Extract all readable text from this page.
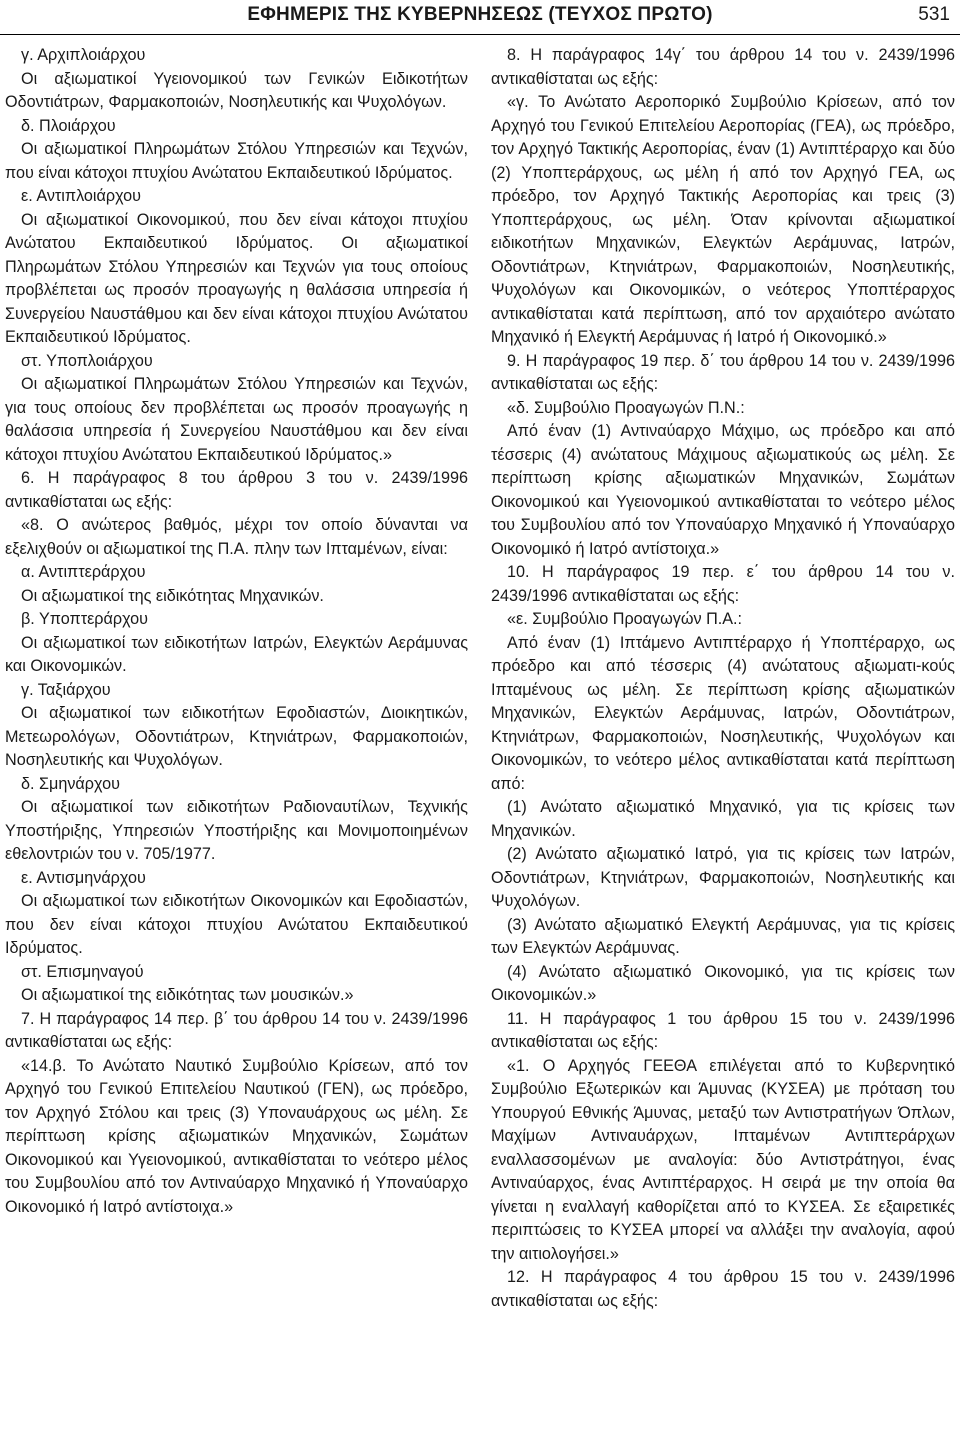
ΕΦΗΜΕΡΙΣ ΤΗΣ ΚΥΒΕΡΝΗΣΕΩΣ (ΤΕΥΧΟΣ ΠΡΩΤΟ)	531

γ. Αρχιπλοιάρχου

Οι αξιωματικοί Υγειονομικού των Γενικών Ειδικοτήτων Οδοντιάτρων, Φαρμακοποιών, Νοσηλευτικής και Ψυχολόγων.

δ. Πλοιάρχου

Οι αξιωματικοί Πληρωμάτων Στόλου Υπηρεσιών και Τεχνών, που είναι κάτοχοι πτυχίου Ανώτατου Εκπαιδευτικού Ιδρύματος.

ε. Αντιπλοιάρχου

Οι αξιωματικοί Οικονομικού, που δεν είναι κάτοχοι πτυχίου Ανώτατου Εκπαιδευτικού Ιδρύματος. Οι αξιωματικοί Πληρωμάτων Στόλου Υπηρεσιών και Τεχνών για τους οποίους προβλέπεται ως προσόν προαγωγής η θαλάσσια υπηρεσία ή Συνεργείου Ναυστάθμου και δεν είναι κάτοχοι πτυχίου Ανώτατου Εκπαιδευτικού Ιδρύματος.

στ. Υποπλοιάρχου

Οι αξιωματικοί Πληρωμάτων Στόλου Υπηρεσιών και Τεχνών, για τους οποίους δεν προβλέπεται ως προσόν προαγωγής η θαλάσσια υπηρεσία ή Συνεργείου Ναυστάθμου και δεν είναι κάτοχοι πτυχίου Ανώτατου Εκπαιδευτικού Ιδρύματος.»

6. Η παράγραφος 8 του άρθρου 3 του ν. 2439/1996 αντικαθίσταται ως εξής:

«8. Ο ανώτερος βαθμός, μέχρι τον οποίο δύνανται να εξελιχθούν οι αξιωματικοί της Π.Α. πλην των Ιπταμένων, είναι:

α. Αντιπτεράρχου

Οι αξιωματικοί της ειδικότητας Μηχανικών.

β. Υποπτεράρχου

Οι αξιωματικοί των ειδικοτήτων Ιατρών, Ελεγκτών Αεράμυνας και Οικονομικών.

γ. Ταξιάρχου

Οι αξιωματικοί των ειδικοτήτων Εφοδιαστών, Διοικητικών, Μετεωρολόγων, Οδοντιάτρων, Κτηνιάτρων, Φαρμακοποιών, Νοσηλευτικής και Ψυχολόγων.

δ. Σμηνάρχου

Οι αξιωματικοί των ειδικοτήτων Ραδιοναυτίλων, Τεχνικής Υποστήριξης, Υπηρεσιών Υποστήριξης και Μονιμοποιημένων εθελοντριών του ν. 705/1977.

ε. Αντισμηνάρχου

Οι αξιωματικοί των ειδικοτήτων Οικονομικών και Εφοδιαστών, που δεν είναι κάτοχοι πτυχίου Ανώτατου Εκπαιδευτικού Ιδρύματος.

στ. Επισμηναγού

Οι αξιωματικοί της ειδικότητας των μουσικών.»

7. Η παράγραφος 14 περ. β΄ του άρθρου 14 του ν. 2439/1996 αντικαθίσταται ως εξής:

«14.β. Το Ανώτατο Ναυτικό Συμβούλιο Κρίσεων, από τον Αρχηγό του Γενικού Επιτελείου Ναυτικού (ΓΕΝ), ως πρόεδρο, τον Αρχηγό Στόλου και τρεις (3) Υποναυάρχους ως μέλη. Σε περίπτωση κρίσης αξιωματικών Μηχανικών, Σωμάτων Οικονομικού και Υγειονομικού, αντικαθίσταται το νεότερο μέλος του Συμβουλίου από τον Αντιναύαρχο Μηχανικό ή Υποναύαρχο Οικονομικό ή Ιατρό αντίστοιχα.»

8. Η παράγραφος 14γ΄ του άρθρου 14 του ν. 2439/1996 αντικαθίσταται ως εξής:

«γ. Το Ανώτατο Αεροπορικό Συμβούλιο Κρίσεων, από τον Αρχηγό του Γενικού Επιτελείου Αεροπορίας (ΓΕΑ), ως πρόεδρο, τον Αρχηγό Τακτικής Αεροπορίας, έναν (1) Αντιπτέραρχο και δύο (2) Υποπτεράρχους, ως μέλη ή από τον Αρχηγό ΓΕΑ, ως πρόεδρο, τον Αρχηγό Τακτικής Αεροπορίας και τρεις (3) Υποπτεράρχους, ως μέλη. Όταν κρίνονται αξιωματικοί ειδικοτήτων Μηχανικών, Ελεγκτών Αεράμυνας, Ιατρών, Οδοντιάτρων, Κτηνιάτρων, Φαρμακοποιών, Νοσηλευτικής, Ψυχολόγων και Οικονομικών, ο νεότερος Υποπτέραρχος αντικαθίσταται κατά περίπτωση, από τον αρχαιότερο ανώτατο Μηχανικό ή Ελεγκτή Αεράμυνας ή Ιατρό ή Οικονομικό.»

9. Η παράγραφος 19 περ. δ΄ του άρθρου 14 του ν. 2439/1996 αντικαθίσταται ως εξής:

«δ. Συμβούλιο Προαγωγών Π.Ν.:

Από έναν (1) Αντιναύαρχο Μάχιμο, ως πρόεδρο και από τέσσερις (4) ανώτατους Μάχιμους αξιωματικούς ως μέλη. Σε περίπτωση κρίσης αξιωματικών Μηχανικών, Σωμάτων Οικονομικού και Υγειονομικού αντικαθίσταται το νεότερο μέλος του Συμβουλίου από τον Υποναύαρχο Μηχανικό ή Υποναύαρχο Οικονομικό ή Ιατρό αντίστοιχα.»

10. Η παράγραφος 19 περ. ε΄ του άρθρου 14 του ν. 2439/1996 αντικαθίσταται ως εξής:

«ε. Συμβούλιο Προαγωγών Π.Α.:

Από έναν (1) Ιπτάμενο Αντιπτέραρχο ή Υποπτέραρχο, ως πρόεδρο και από τέσσερις (4) ανώτατους αξιωματι-κούς Ιπταμένους ως μέλη. Σε περίπτωση κρίσης αξιωματικών Μηχανικών, Ελεγκτών Αεράμυνας, Ιατρών, Οδοντιάτρων, Κτηνιάτρων, Φαρμακοποιών, Νοσηλευτικής, Ψυχολόγων και Οικονομικών, το νεότερο μέλος αντικαθίσταται κατά περίπτωση από:

(1) Ανώτατο αξιωματικό Μηχανικό, για τις κρίσεις των Μηχανικών.

(2) Ανώτατο αξιωματικό Ιατρό, για τις κρίσεις των Ιατρών, Οδοντιάτρων, Κτηνιάτρων, Φαρμακοποιών, Νοσηλευτικής και Ψυχολόγων.

(3) Ανώτατο αξιωματικό Ελεγκτή Αεράμυνας, για τις κρίσεις των Ελεγκτών Αεράμυνας.

(4) Ανώτατο αξιωματικό Οικονομικό, για τις κρίσεις των Οικονομικών.»

11. Η παράγραφος 1 του άρθρου 15 του ν. 2439/1996 αντικαθίσταται ως εξής:

«1. Ο Αρχηγός ΓΕΕΘΑ επιλέγεται από το Κυβερνητικό Συμβούλιο Εξωτερικών και Άμυνας (ΚΥΣΕΑ) με πρόταση του Υπουργού Εθνικής Άμυνας, μεταξύ των Αντιστρατήγων Όπλων, Μαχίμων Αντιναυάρχων, Ιπταμένων Αντιπτεράρχων εναλλασσομένων με αναλογία: δύο Αντιστράτηγοι, ένας Αντιναύαρχος, ένας Αντιπτέραρχος. Η σειρά με την οποία θα γίνεται η εναλλαγή καθορίζεται από το ΚΥΣΕΑ. Σε εξαιρετικές περιπτώσεις το ΚΥΣΕΑ μπορεί να αλλάξει την αναλογία, αφού την αιτιολογήσει.»

12. Η παράγραφος 4 του άρθρου 15 του ν. 2439/1996 αντικαθίσταται ως εξής:
